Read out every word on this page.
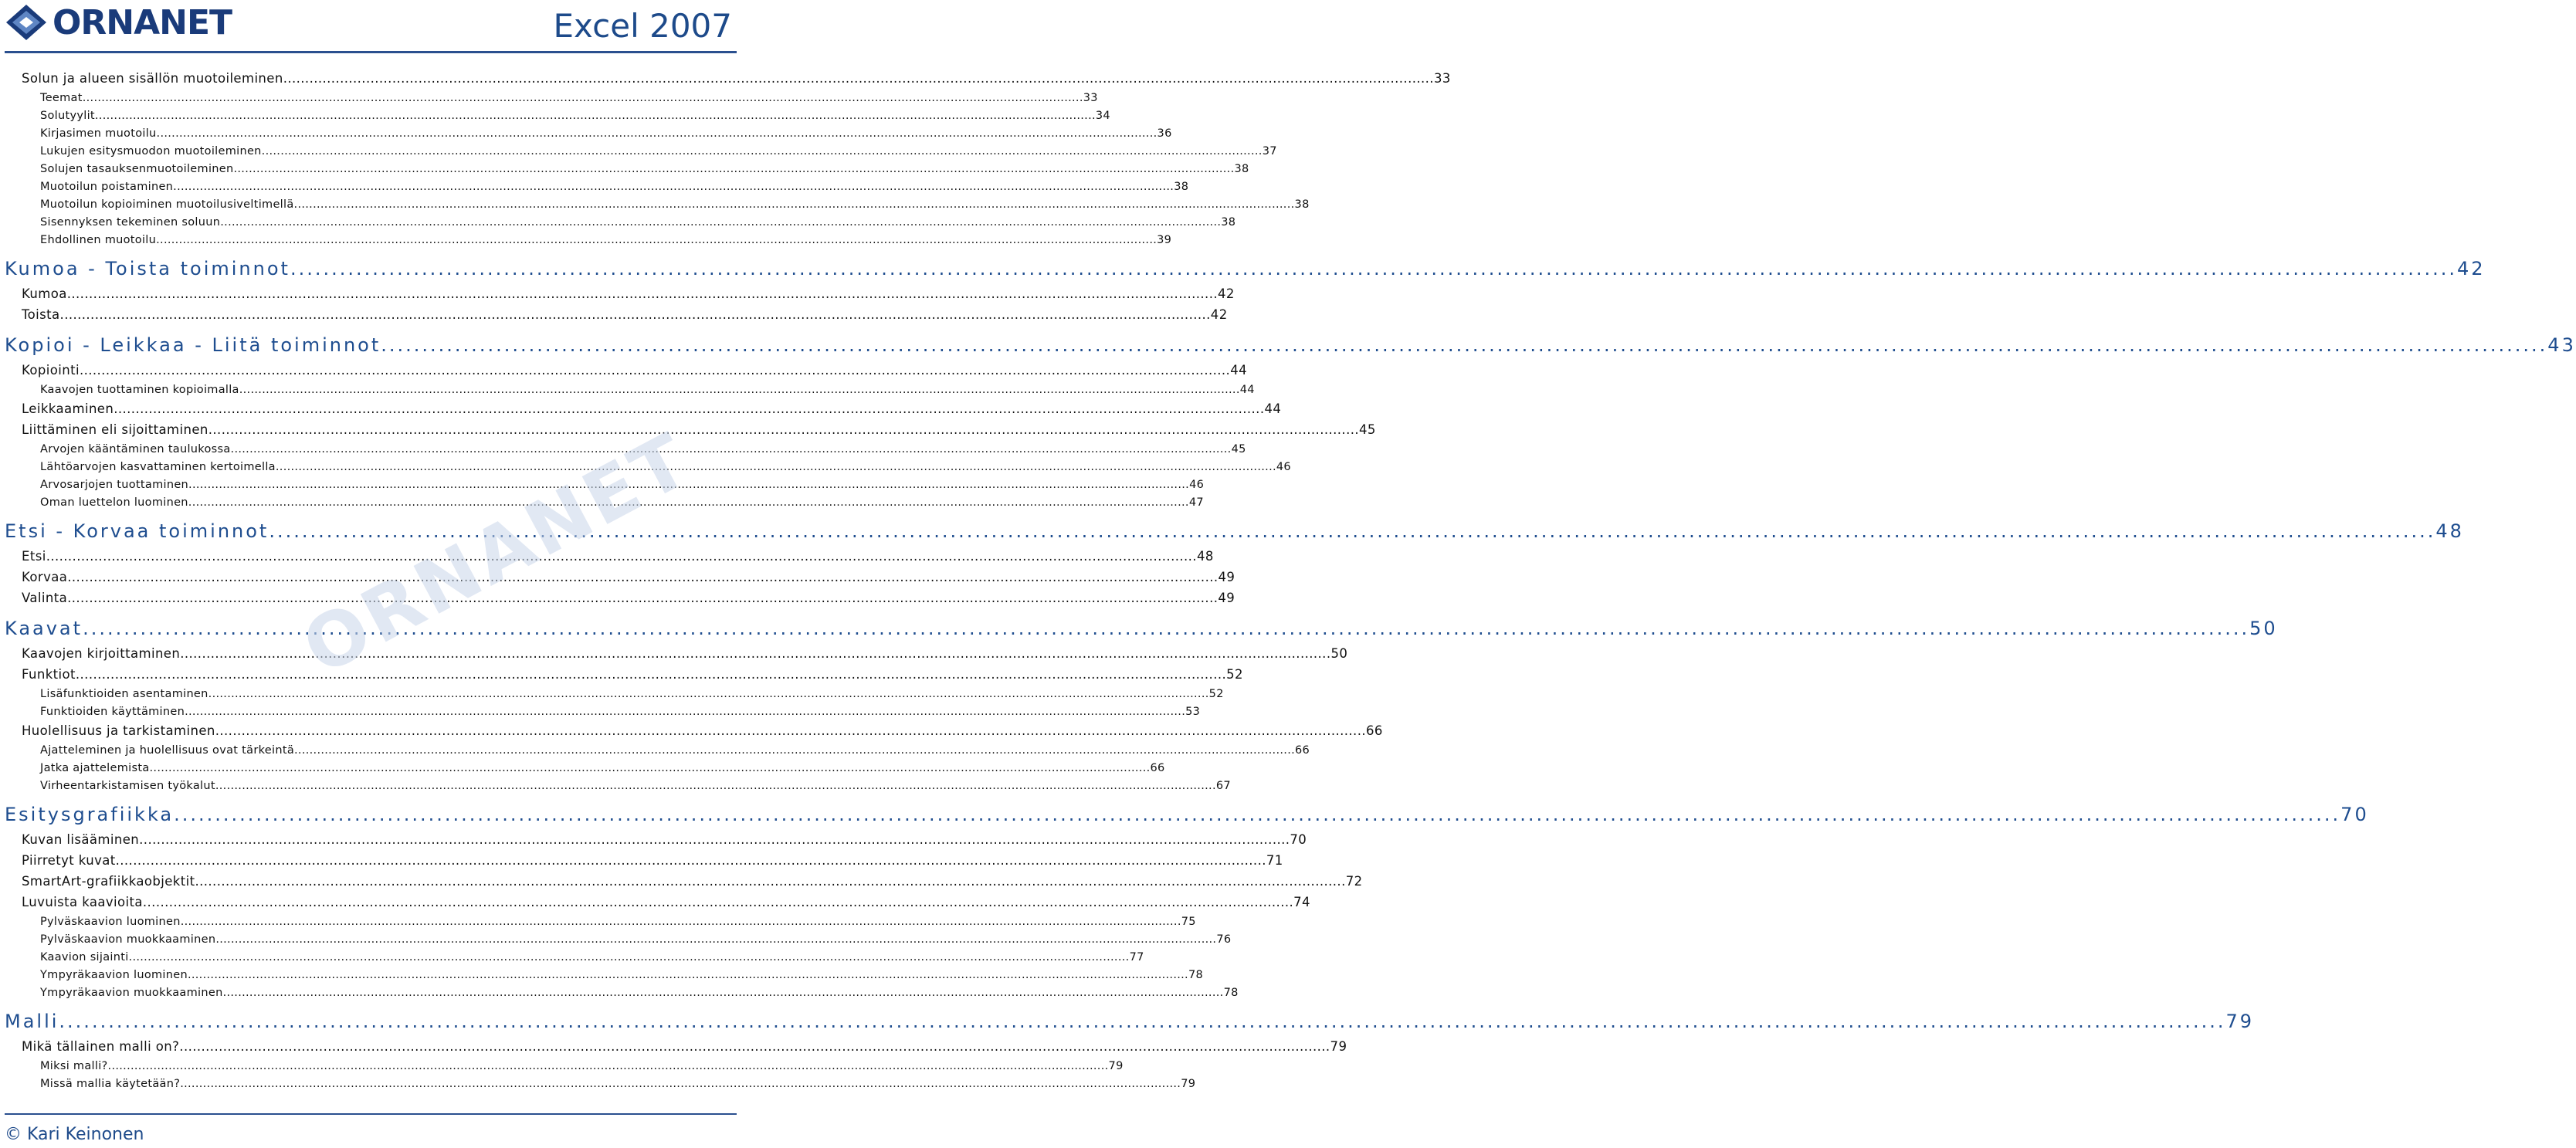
ORNANET	Excel 2007
Solun ja alueen sisällön muotoileminen .....	33
Teemat .....	33
Solutyylit .....	34
Kirjasimen muotoilu .....	36
Lukujen esitysmuodon muotoileminen .....	37
Solujen tasauksenmuotoileminen .....	38
Muotoilun poistaminen .....	38
Muotoilun kopioiminen muotoilusiveltimellä .....	38
Sisennyksen tekeminen soluun .....	38
Ehdollinen muotoilu .....	39
Kumoa - Toista toiminnot .....	42
Kumoa .....	42
Toista .....	42
Kopioi - Leikkaa - Liitä toiminnot .....	43
Kopiointi .....	44
Kaavojen tuottaminen kopioimalla .....	44
Leikkaaminen .....	44
Liittäminen eli sijoittaminen .....	45
Arvojen kääntäminen taulukossa .....	45
Lähtöarvojen kasvattaminen kertoimella .....	46
Arvosarjojen tuottaminen .....	46
Oman luettelon luominen .....	47
Etsi - Korvaa toiminnot .....	48
Etsi .....	48
Korvaa .....	49
Valinta .....	49
Kaavat .....	50
Kaavojen kirjoittaminen .....	50
Funktiot .....	52
Lisäfunktioiden asentaminen .....	52
Funktioiden käyttäminen .....	53
Huolellisuus ja tarkistaminen .....	66
Ajatteleminen ja huolellisuus ovat tärkeintä .....	66
Jatka ajattelemista .....	66
Virheentarkistamisen työkalut .....	67
Esitysgrafiikka .....	70
Kuvan lisääminen .....	70
Piirretyt kuvat .....	71
SmartArt-grafiikkaobjektit .....	72
Luvuista kaavioita .....	74
Pylväskaavion luominen .....	75
Pylväskaavion muokkaaminen .....	76
Kaavion sijainti .....	77
Ympyräkaavion luominen .....	78
Ympyräkaavion muokkaaminen .....	78
Malli .....	79
Mikä tällainen malli on? .....	79
Miksi malli? .....	79
Missä mallia käytetään? .....	79
ORNANET
© Kari Keinonen
